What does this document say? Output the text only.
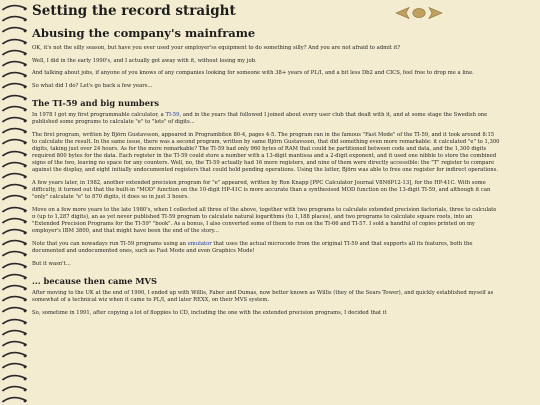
Setting the record straight
Abusing the company's mainframe

OK, it's not the silly season, but have you ever used your employer'ss equipment to do something silly? And you are not afraid to admit it?

Well, I did in the early 1990's, and I actually got away with it, without losing my job.

And talking about jobs, if anyone of you knows of any companies looking for someone with 38+ years of PL/I, and a bit less Db2 and CICS, feel free to drop me a line.

So what did I do? Let's go back a few years...

The TI-59 and big numbers

In 1978 I got my first programmable calculator, a TI-59, and in the years that followed I joined about every user club that dealt with it, and at some stage the Swedish one published some programs to calculate "e" to "lots" of digits...

The first program, written by Björn Gustavsson, appeared in Programbiten 80-4, pages 4-5. The program ran in the famous "Fast Mode" of the TI-59, and it took around 8:15 to calculate the result. In the same issue, there was a second program, written by same Björn Gustavsson, that did something even more remarkable: it calculated "e" to 1,300 digits, taking just over 24 hours. As for the more remarkable? The TI-59 had only 960 bytes of RAM that could be partitioned between code and data, and the 1,300 digits required 800 bytes for the data. Each register in the TI-59 could store a number with a 13-digit mantissa and a 2-digit exponent, and it used one nibble to store the combined signs of the two, leaving no space for any counters. Well, no, the TI-59 actually had 16 more registers, and nine of them were directly accessible: the "T" register to compare against the display, and eight initially undocumented registers that could hold pending operations. Using the latter, Björn was able to free one register for indirect operations.

A few years later, in 1982, another extended precision program for "e" appeared, written by Ron Knapp [PPC Calculator Journal V8N6P12-13], for the HP-41C. With some difficulty, it turned out that the built-in "MOD" function on the 10-digit HP-41C is more accurate than a synthesised MOD function on the 13-digit TI-59, and although it can "only" calculate "e" to 870 digits, it does so in just 3 hours.

Move on a few more years to the late 1980's, when I collected all three of the above, together with two programs to calculate extended precision factorials, three to calculate π (up to 1,287 digits), an as yet never published TI-59 program to calculate natural logarithms (to 1,188 places), and two programs to calculate square roots, into an "Extended Precision Programs for the TI-59" "book". As a bonus, I also converted some of them to run on the TI-66 and TI-57. I sold a handful of copies printed on my employer's IBM 3800, and that might have been the end of the story...

Note that you can nowadays run TI-59 programs using an emulator that uses the actual microcode from the original TI-59 and that supports all its features, both the documented and undocumented ones, such as Fast Mode and even Graphics Mode!

But it wasn't...

... because then came MVS

After moving to the UK at the end of 1990, I ended up with Willis, Faber and Dumas, now better known as Willis (they of the Sears Tower), and quickly established myself as somewhat of a technical wiz when it came to PL/I, and later REXX, on their MVS system.

So, sometime in 1991, after copying a lot of floppies to CD, including the one with the extended precision programs, I decided that it
